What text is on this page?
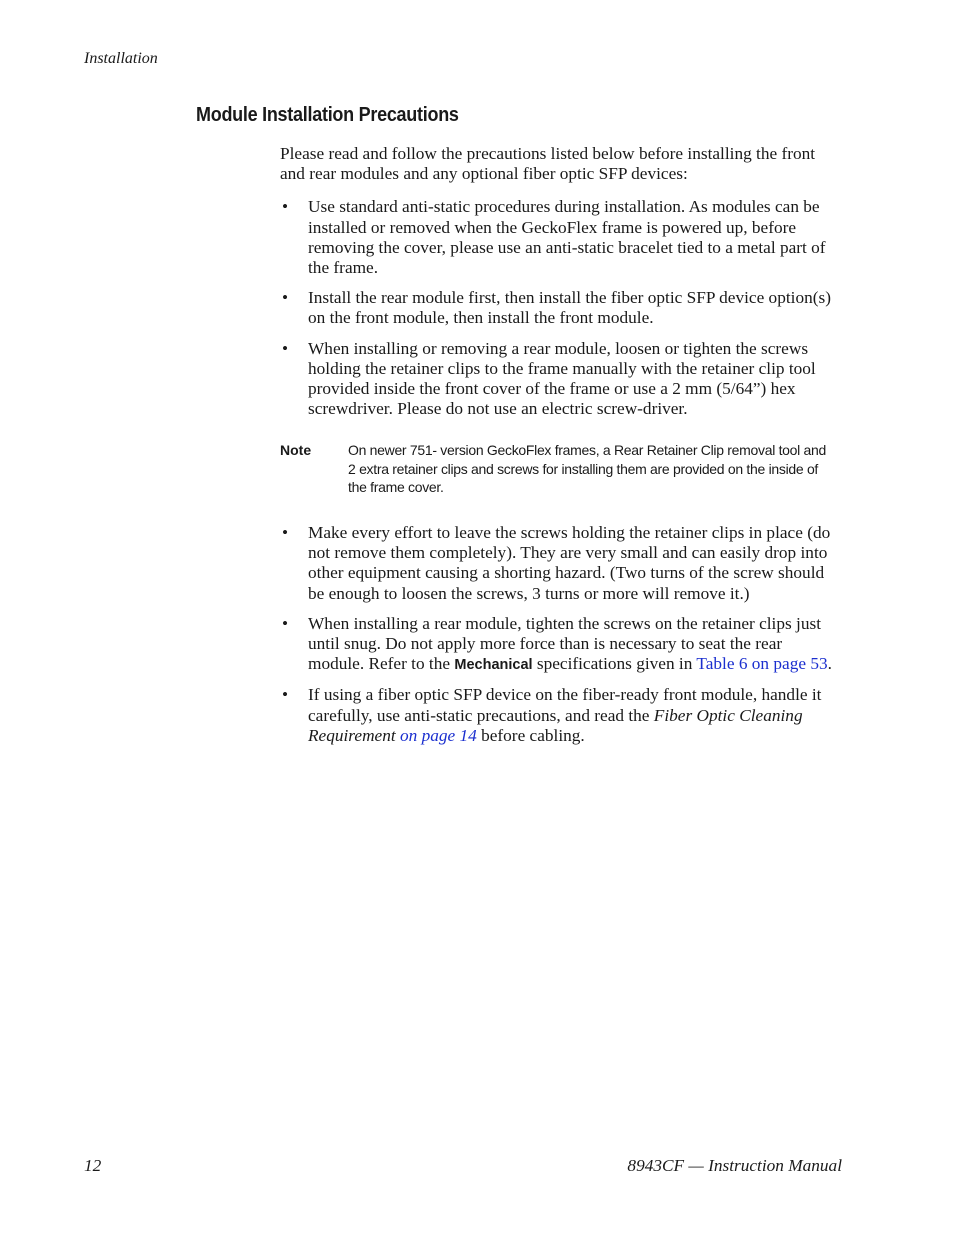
Installation
Module Installation Precautions

Please read and follow the precautions listed below before installing the front and rear modules and any optional fiber optic SFP devices:

• Use standard anti-static procedures during installation. As modules can be installed or removed when the GeckoFlex frame is powered up, before removing the cover, please use an anti-static bracelet tied to a metal part of the frame.
• Install the rear module first, then install the fiber optic SFP device option(s) on the front module, then install the front module.
• When installing or removing a rear module, loosen or tighten the screws holding the retainer clips to the frame manually with the retainer clip tool provided inside the front cover of the frame or use a 2 mm (5/64”) hex screwdriver. Please do not use an electric screw-driver.
Note	On newer 751- version GeckoFlex frames, a Rear Retainer Clip removal tool and 2 extra retainer clips and screws for installing them are provided on the inside of the frame cover.
• Make every effort to leave the screws holding the retainer clips in place (do not remove them completely). They are very small and can easily drop into other equipment causing a shorting hazard. (Two turns of the screw should be enough to loosen the screws, 3 turns or more will remove it.)
• When installing a rear module, tighten the screws on the retainer clips just until snug. Do not apply more force than is necessary to seat the rear module. Refer to the Mechanical specifications given in Table 6 on page 53.
• If using a fiber optic SFP device on the fiber-ready front module, handle it carefully, use anti-static precautions, and read the Fiber Optic Cleaning Requirement on page 14 before cabling.
12	8943CF — Instruction Manual
